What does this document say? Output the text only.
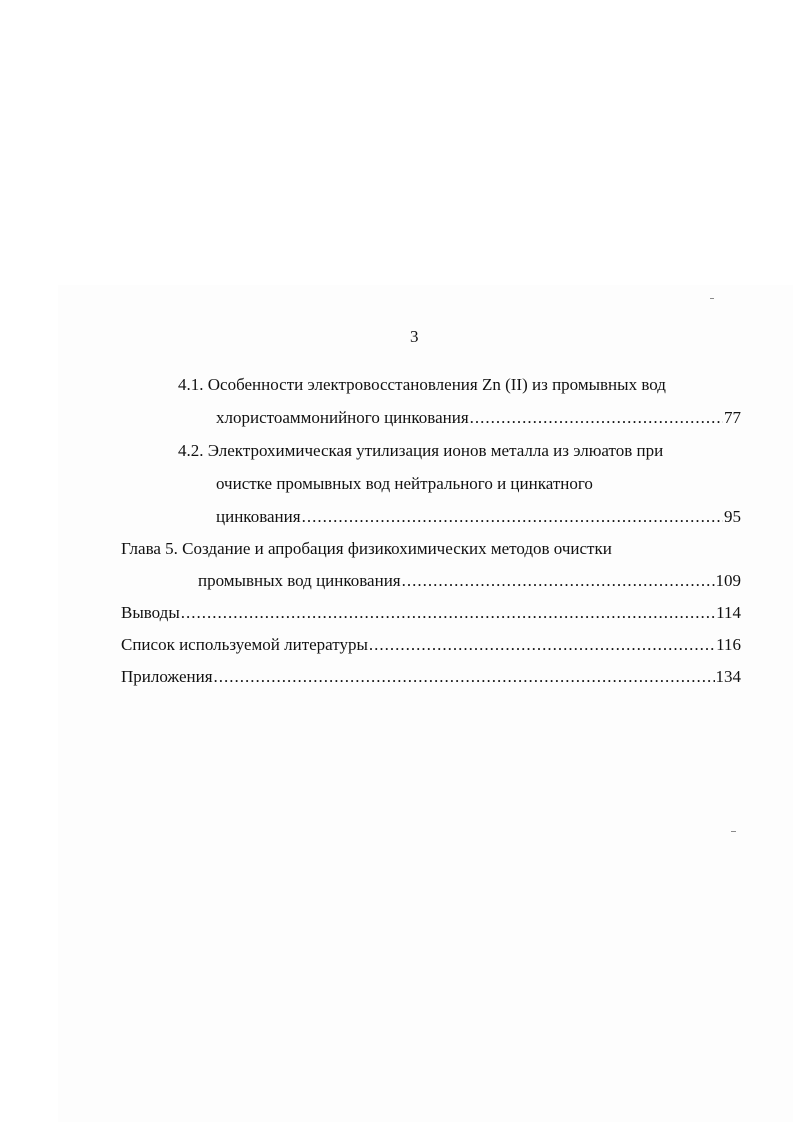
3
4.1. Особенности электровосстановления Zn (II) из промывных вод
хлористоаммонийного цинкования .....	77
4.2. Электрохимическая утилизация ионов металла из элюатов при
очистке промывных вод нейтрального и цинкатного
цинкования .....	95
Глава 5. Создание и апробация физикохимических методов очистки
промывных вод цинкования .....	109
Выводы .....	114
Список используемой литературы .....	116
Приложения .....	134
